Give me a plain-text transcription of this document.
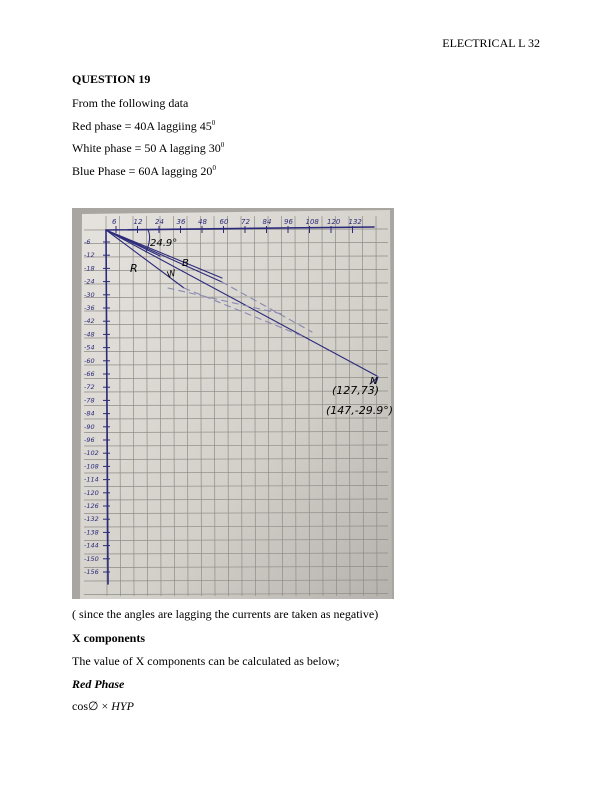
ELECTRICAL L 32
QUESTION 19
From the following data
Red phase = 40A laggiing $45^0$
White phase = 50 A lagging $30^0$
Blue Phase = 60A lagging $20^0$
6 12 24 36 48 60 72 84 96 108 120 132
-6
-12
-18
-24
-30
-36
-42
-48
-54
-60
-66
-72
-78
-84
-90
-96
-102
-108
-114
-120
-126
-132
-138
-144
-150
-156
24.9°
R	W
B
N
(127,73)
(147,-29.9°)
( since the angles are lagging the currents are taken as negative)
X components
The value of X components can be calculated as below;
Red Phase
cos∅ × HYP
